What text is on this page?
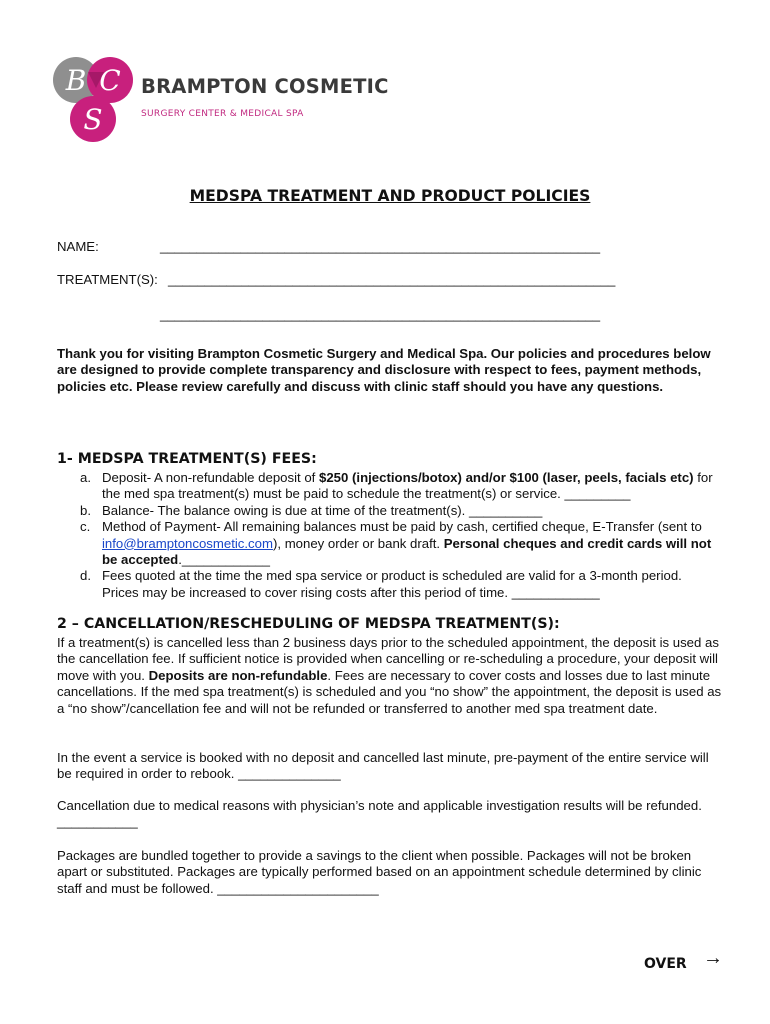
B C
S
BRAMPTON COSMETIC
SURGERY CENTER & MEDICAL SPA
MEDSPA TREATMENT AND PRODUCT POLICIES
NAME:	____________________________________________________________
TREATMENT(S): _____________________________________________________________
____________________________________________________________
Thank you for visiting Brampton Cosmetic Surgery and Medical Spa. Our policies and procedures below are designed to provide complete transparency and disclosure with respect to fees, payment methods, policies etc. Please review carefully and discuss with clinic staff should you have any questions.
1- MEDSPA TREATMENT(S) FEES:
a. Deposit- A non-refundable deposit of $250 (injections/botox) and/or $100 (laser, peels, facials etc) for the med spa treatment(s) must be paid to schedule the treatment(s) or service. _________
b. Balance- The balance owing is due at time of the treatment(s). __________
c. Method of Payment- All remaining balances must be paid by cash, certified cheque, E-Transfer (sent to info@bramptoncosmetic.com), money order or bank draft. Personal cheques and credit cards will not be accepted.____________
d. Fees quoted at the time the med spa service or product is scheduled are valid for a 3-month period. Prices may be increased to cover rising costs after this period of time. ____________
2 – CANCELLATION/RESCHEDULING OF MEDSPA TREATMENT(S):
If a treatment(s) is cancelled less than 2 business days prior to the scheduled appointment, the deposit is used as the cancellation fee. If sufficient notice is provided when cancelling or re-scheduling a procedure, your deposit will move with you. Deposits are non-refundable. Fees are necessary to cover costs and losses due to last minute cancellations. If the med spa treatment(s) is scheduled and you “no show” the appointment, the deposit is used as a “no show”/cancellation fee and will not be refunded or transferred to another med spa treatment date.
In the event a service is booked with no deposit and cancelled last minute, pre-payment of the entire service will be required in order to rebook. ______________
Cancellation due to medical reasons with physician’s note and applicable investigation results will be refunded. ___________
Packages are bundled together to provide a savings to the client when possible. Packages will not be broken apart or substituted. Packages are typically performed based on an appointment schedule determined by clinic staff and must be followed. ______________________
OVER →
